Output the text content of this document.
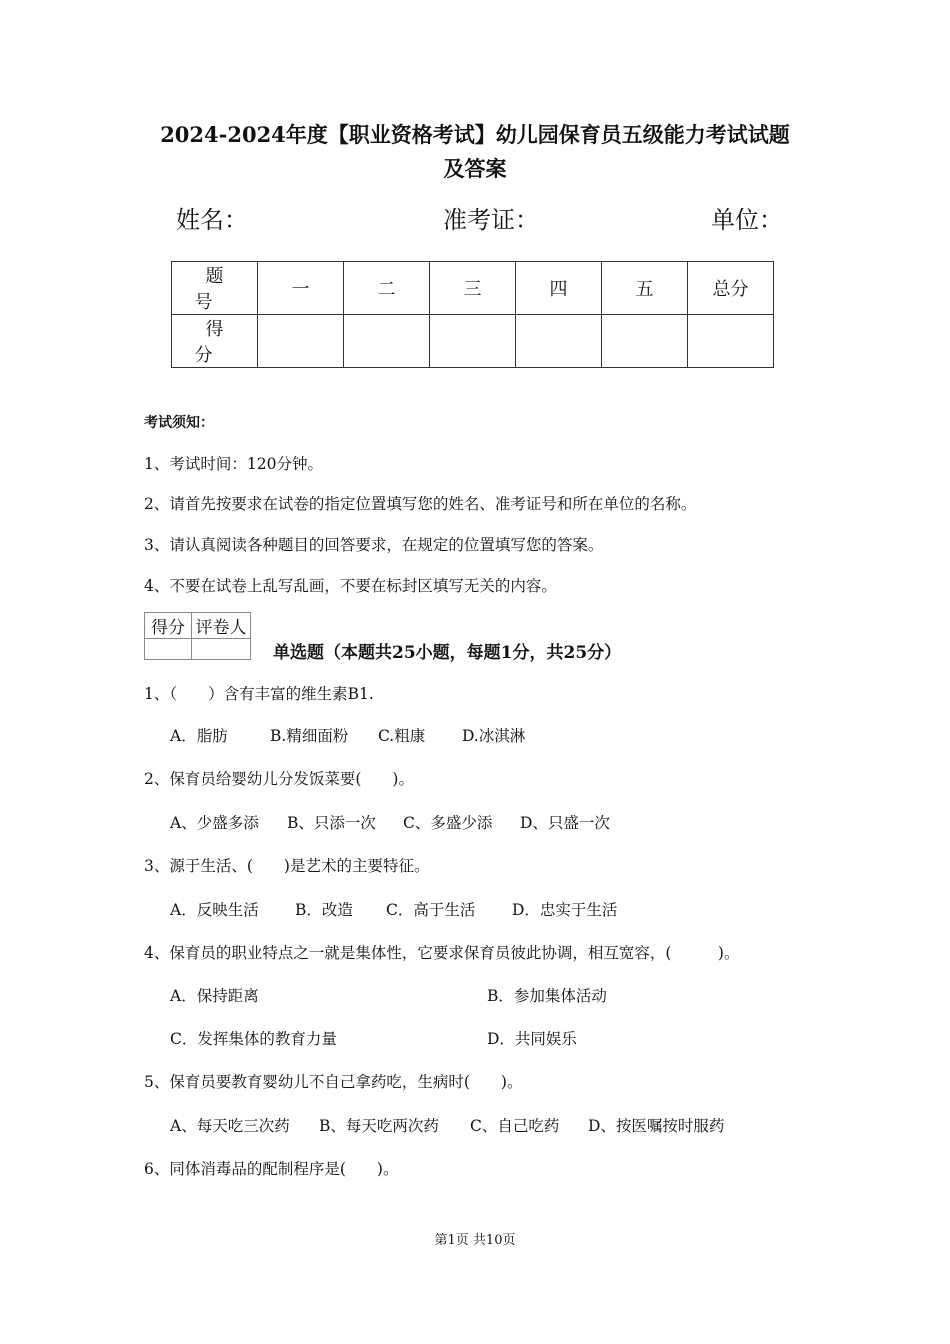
2024-2024年度【职业资格考试】幼儿园保育员五级能力考试试题
及答案
姓名：	准考证：	单位：
题号	一	二	三	四	五	总分
得分						
考试须知：
1、考试时间：120分钟。
2、请首先按要求在试卷的指定位置填写您的姓名、准考证号和所在单位的名称。
3、请认真阅读各种题目的回答要求，在规定的位置填写您的答案。
4、不要在试卷上乱写乱画，不要在标封区填写无关的内容。
得分	评卷人

单选题（本题共25小题，每题1分，共25分）
1、（　　）含有丰富的维生素B1.
A．脂肪	B.精细面粉 C.粗康 D.冰淇淋
2、保育员给婴幼儿分发饭菜要(　　)。
A、少盛多添 B、只添一次 C、多盛少添 D、只盛一次
3、源于生活、(　　)是艺术的主要特征。
A．反映生活 B．改造 C．高于生活 D．忠实于生活
4、保育员的职业特点之一就是集体性，它要求保育员彼此协调，相互宽容，(　　　)。
A．保持距离	B．参加集体活动
C．发挥集体的教育力量	D．共同娱乐
5、保育员要教育婴幼儿不自己拿药吃，生病时(　　)。
A、每天吃三次药 B、每天吃两次药 C、自己吃药 D、按医嘱按时服药
6、同体消毒品的配制程序是(　　)。
第1页 共10页
